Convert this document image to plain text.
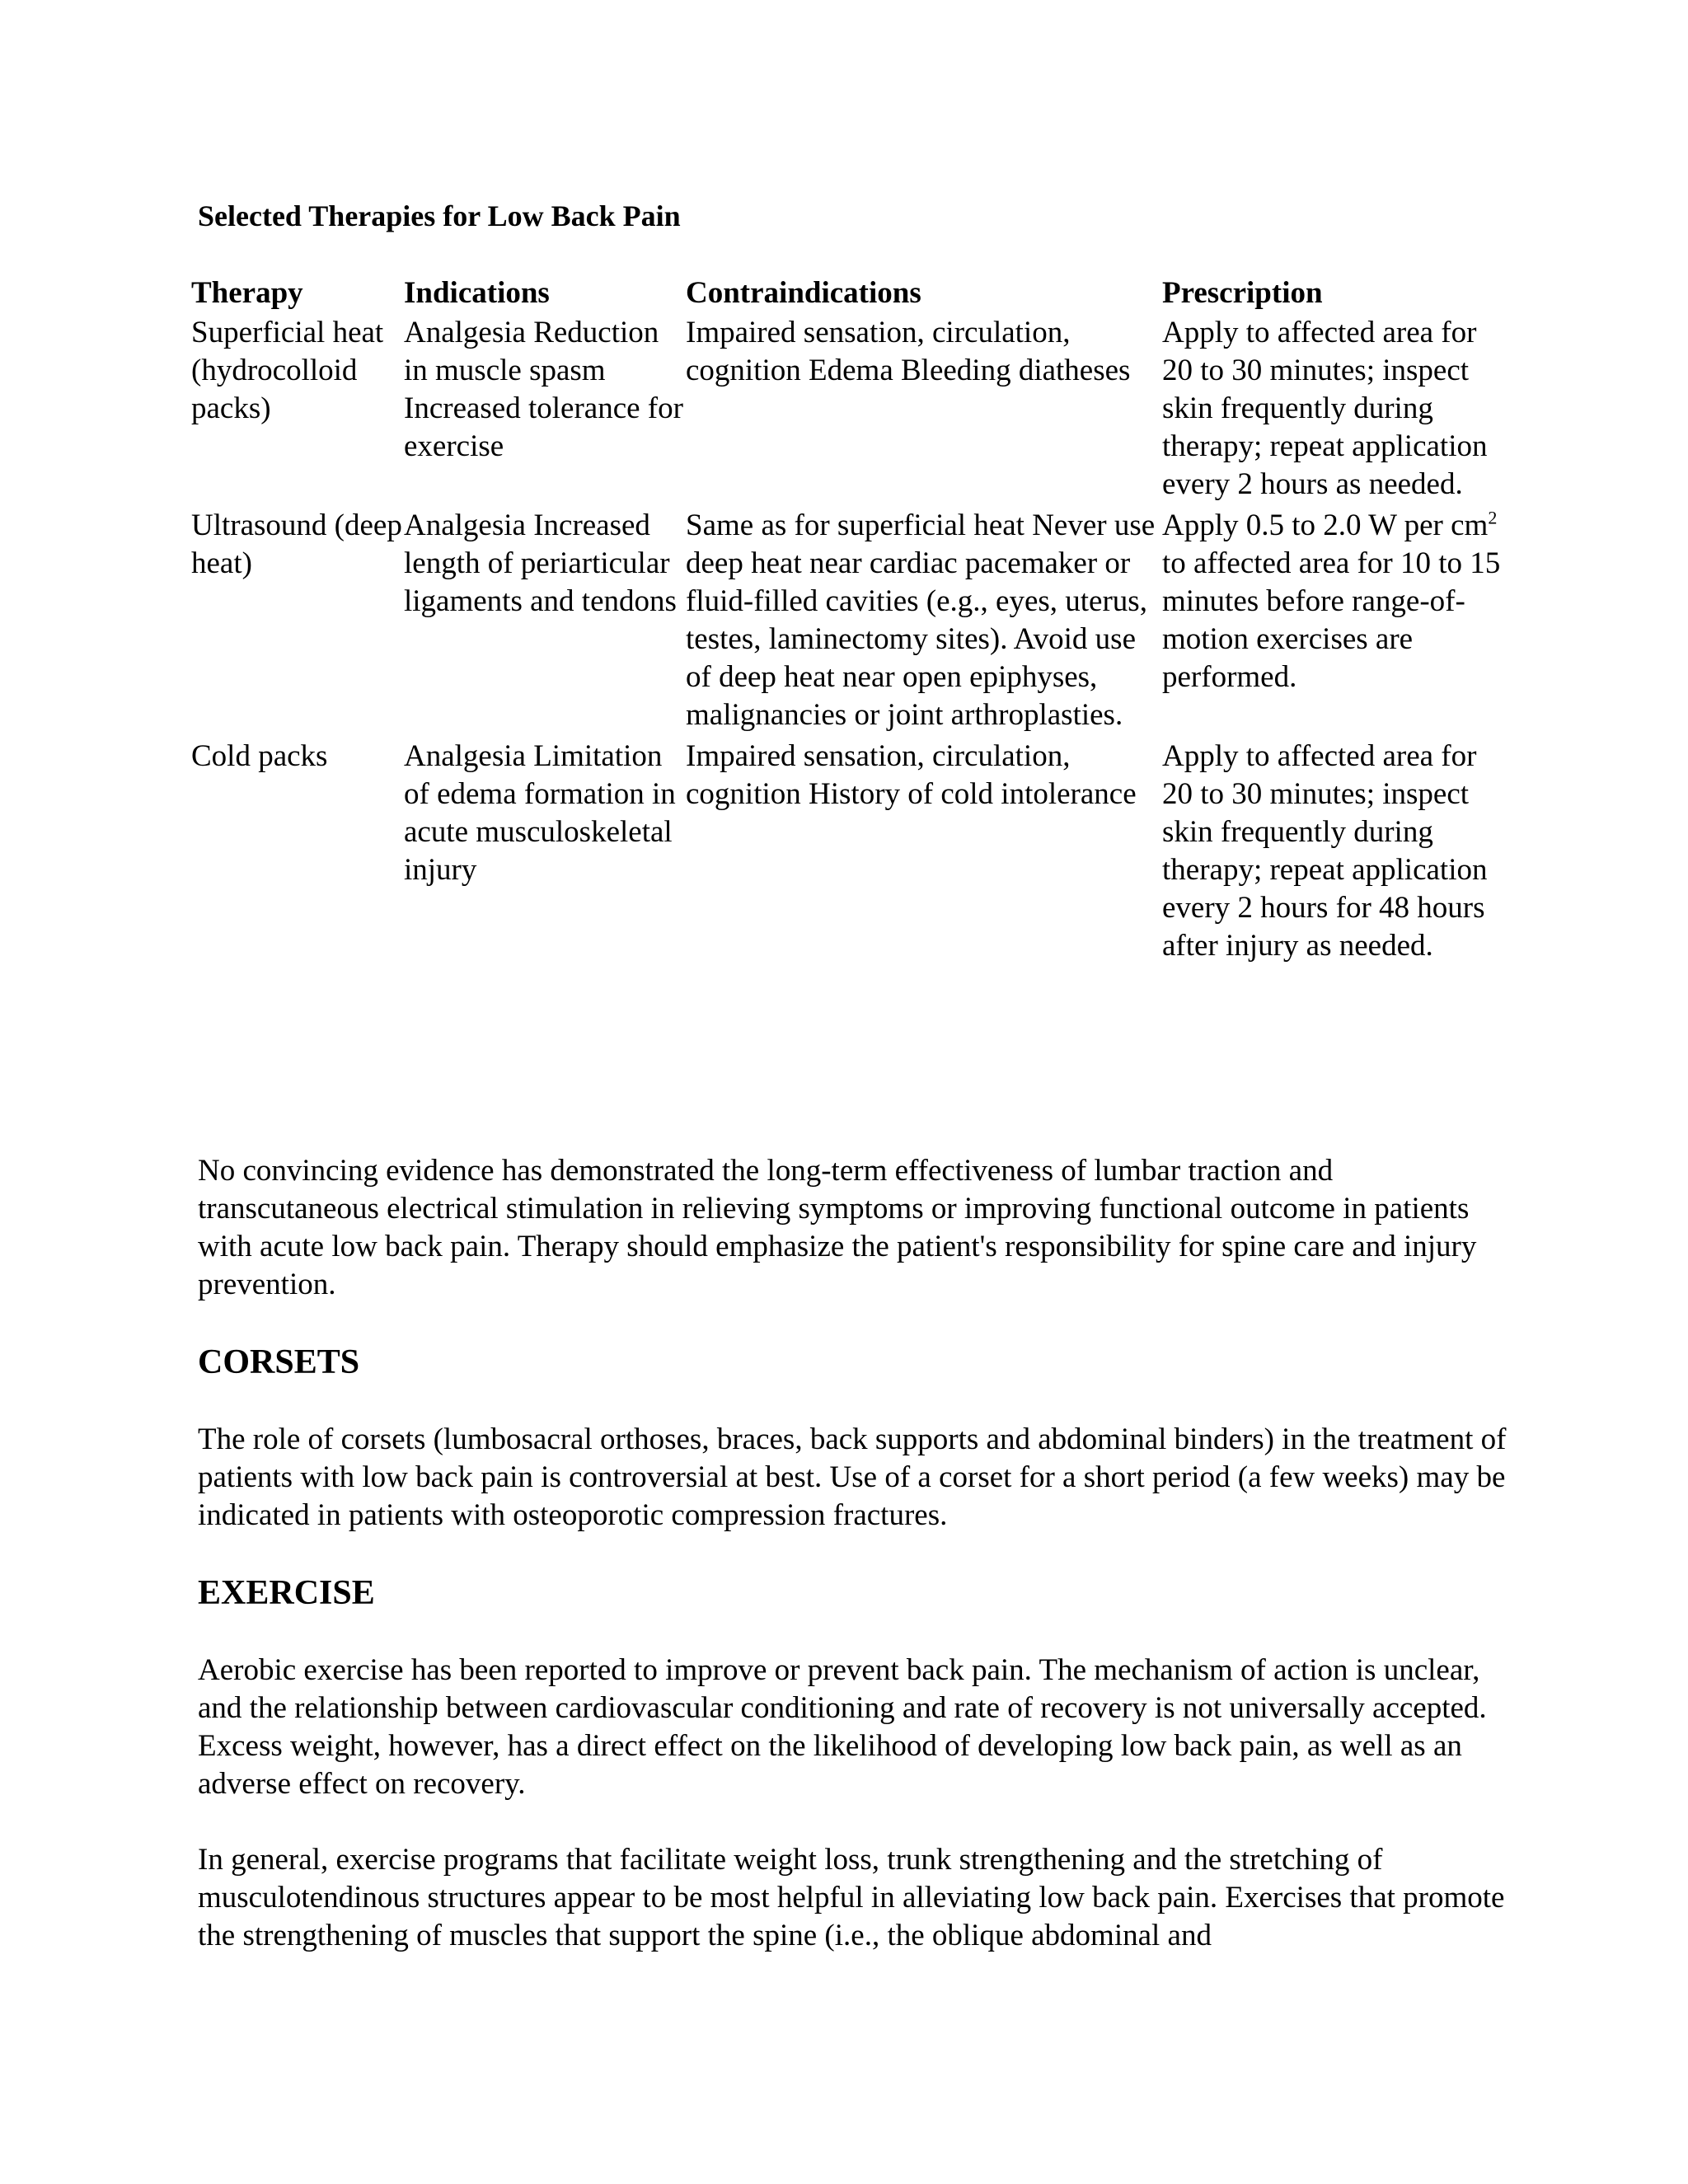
Selected Therapies for Low Back Pain
Therapy	Indications	Contraindications	Prescription
Superficial heat (hydrocolloid packs)	Analgesia Reduction in muscle spasm Increased tolerance for exercise	Impaired sensation, circulation, cognition Edema Bleeding diatheses	Apply to affected area for 20 to 30 minutes; inspect skin frequently during therapy; repeat application every 2 hours as needed.
Ultrasound (deep heat)	Analgesia Increased length of periarticular ligaments and tendons	Same as for superficial heat Never use deep heat near cardiac pacemaker or fluid-filled cavities (e.g., eyes, uterus, testes, laminectomy sites). Avoid use of deep heat near open epiphyses, malignancies or joint arthroplasties.	Apply 0.5 to 2.0 W per $cm^2$ to affected area for 10 to 15 minutes before range-of-motion exercises are performed.
Cold packs	Analgesia Limitation of edema formation in acute musculoskeletal injury	Impaired sensation, circulation, cognition History of cold intolerance	Apply to affected area for 20 to 30 minutes; inspect skin frequently during therapy; repeat application every 2 hours for 48 hours after injury as needed.

No convincing evidence has demonstrated the long-term effectiveness of lumbar traction and transcutaneous electrical stimulation in relieving symptoms or improving functional outcome in patients with acute low back pain. Therapy should emphasize the patient's responsibility for spine care and injury prevention.

CORSETS

The role of corsets (lumbosacral orthoses, braces, back supports and abdominal binders) in the treatment of patients with low back pain is controversial at best. Use of a corset for a short period (a few weeks) may be indicated in patients with osteoporotic compression fractures.

EXERCISE

Aerobic exercise has been reported to improve or prevent back pain. The mechanism of action is unclear, and the relationship between cardiovascular conditioning and rate of recovery is not universally accepted. Excess weight, however, has a direct effect on the likelihood of developing low back pain, as well as an adverse effect on recovery.

In general, exercise programs that facilitate weight loss, trunk strengthening and the stretching of musculotendinous structures appear to be most helpful in alleviating low back pain. Exercises that promote the strengthening of muscles that support the spine (i.e., the oblique abdominal and
